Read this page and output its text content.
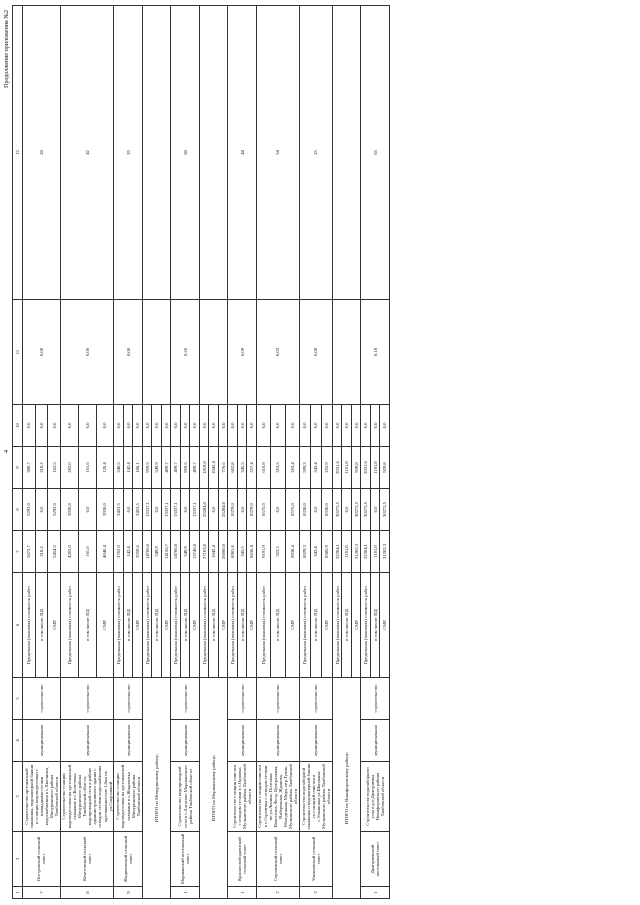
4
Продолжение приложения №2
1	2	3	4	5	6	7	8	9	10	11	12
7	Осетровский сельский совет	Строительство артезианской скважины, водонапорной башни и станции водоподготовки с площадками сетями водоснабжения в с.Хмелинец Мичуринского района Тамбовской области	муниципальная	строительство	Предельная (плановая) стоимость работ	5672,7	5292,0	380,7	0,0	0,08	28
					в том числе: ПД	218,2	0,0	218,2	0,0		
					СМР	5454,5	5292,0	162,5	0,0		
8	Кочетовский сельский совет	Строительство станции водоподготовки на артезианской скважине в с.Кочетовка Мичуринского района Тамбовской области, водопроводной сети в районе административного здания с отводом сетями водоснабжения протяженностью 1,0км по ул.Спортивной	муниципальная	строительство	Предельная (плановая) стоимость работ	4202,0	3920,0	282,0	0,0	0,08	42
					в том числе: ПД	161,6	0,0	161,6	0,0		
					СМР	4040,4	3920,0	120,4	0,0		
9	Жидиловский сельский совет	Строительство станции водоподготовки на артезианской скважине в с.Жидиловка Мичуринского района Тамбовской области	муниципальная	строительство	Предельная (плановая) стоимость работ	3702,0	3453,5	248,5	0,0	0,08	35
					в том числе: ПД	142,4	0,0	142,4	0,0		
					СМР	3559,6	3453,5	106,1	0,0		
ИТОГО по Мичуринскому району:					Предельная (плановая) стоимость работ	14706,6	13337,1	959,5	0,0		
					в том числе: ПД	549,9	0,0	549,9	0,0		
					СМР	14156,7	13337,1	409,7	0,0		
1	Моршанский поселковый совет	Строительство водопроводной сети в с.Алгасово Моршанского района Тамбовской области	муниципальная	строительство	Предельная (плановая) стоимость работ	14706,8	13337,1	409,7	0,0	0,26	68
					в том числе: ПД	549,9	0,0	959,5	0,0		
					СМР	13746,8	13337,1	409,7	0,0		
ИТОГО по Моршанскому району:					Предельная (плановая) стоимость работ	27103,0	25284,0	1819,0	0,0		
					в том числе: ПД	1042,4	0,0	1042,4	0,0		
					СМР	26060,6	25284,0	776,6	0,0		
1	Красносвободненский сельский совет	Строительство станции очистки с отводом сетями в с.Орловка Мучкапского района Тамбовской области	муниципальная	строительство	Предельная (плановая) стоимость работ	8981,8	8379,0	602,8	0,0	0,09	44
					в том числе: ПД	345,5	0,0	345,5	0,0		
					СМР	8636,4	8379,0	257,4	0,0		
2	Сергиевский сельский совет	Строительство станции очистки в с.Сергиевка с отводом сетями по ул.Ленина, Почтовая, Новоселов, Фетр, Центральная, Набережная, Жданова, Молодежная, Мира, пер.Тупик, Мучкапского района Тамбовской области	муниципальная	строительство	Предельная (плановая) стоимость работ	9191,9	8575,0	616,9	0,0	0,03	54
					в том числе: ПД	353,5	0,0	353,5	0,0		
					СМР	8838,4	8575,0	263,4	0,0		
3	Ульяновский сельский совет	Строительство водозаборной скважины и водонапорной башни со станцией очистки в с.Ульяновка ул.Школьная Мучкапского района Тамбовской области	муниципальная	строительство	Предельная (плановая) стоимость работ	8929,3	8330,0	599,3	0,0	0,08	25
					в том числе: ПД	343,4	0,0	343,4	0,0		
					СМР	8585,9	8330,0	255,9	0,0		
ИТОГО по Никифоровскому району:					Предельная (плановая) стоимость работ	32204,1	30272,5	2031,6	0,0		
					в том числе: ПД	1101,8	0,0	1101,8	0,0		
					СМР	31202,3	30272,5	929,8	0,0		
1	Дмитриевский поселковый совет	Строительство водозаборного узла в р.п.Дмитриевка Никифоровского района Тамбовской области	муниципальная	строительство	Предельная (плановая) стоимость работ	32304,1	30272,5	2031,6	0,0	0,18	65
					в том числе: ПД	1101,8	0,0	1101,8	0,0		
					СМР	31202,3	30272,5	929,8	0,0		
